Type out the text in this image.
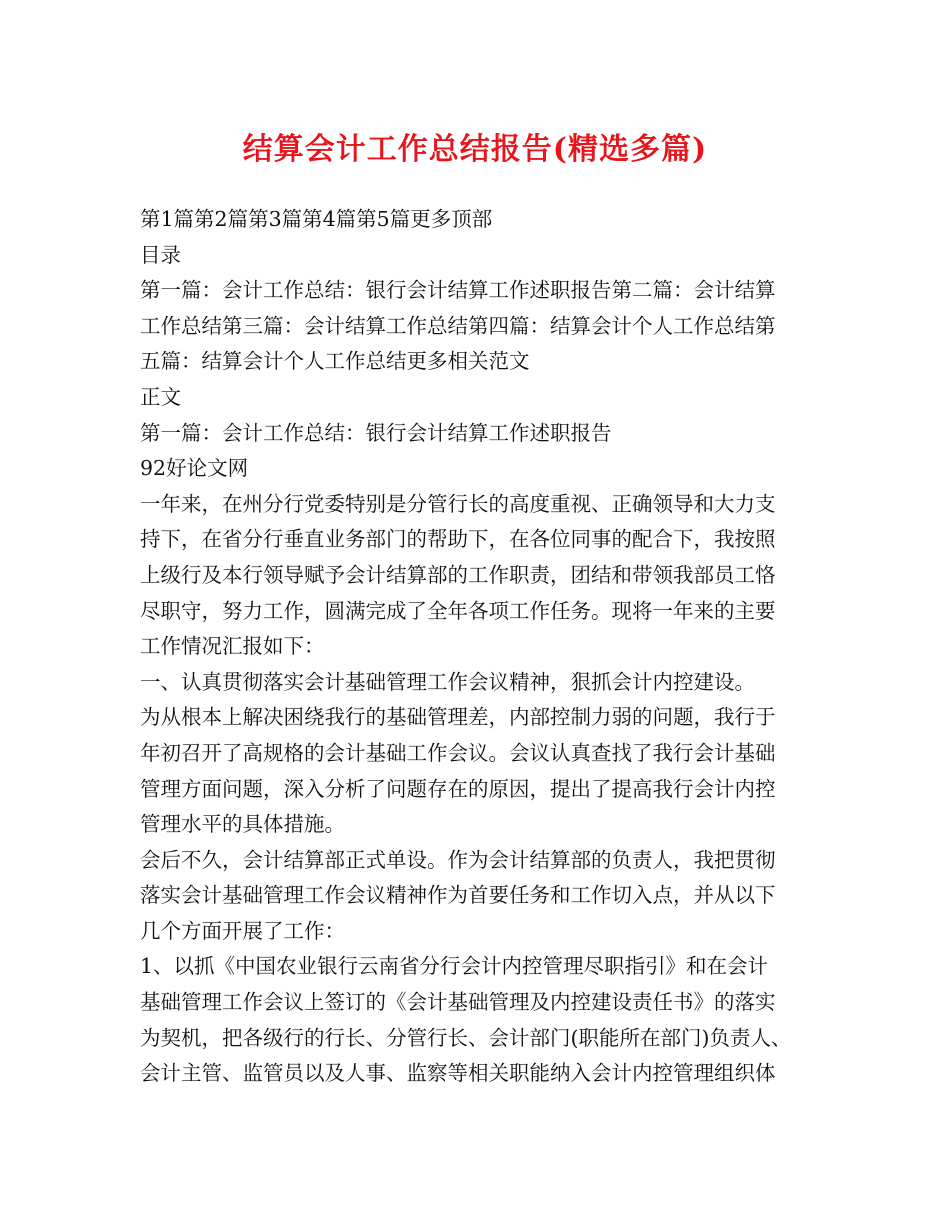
结算会计工作总结报告(精选多篇)

第1篇第2篇第3篇第4篇第5篇更多顶部

目录

第一篇：会计工作总结：银行会计结算工作述职报告第二篇：会计结算

工作总结第三篇：会计结算工作总结第四篇：结算会计个人工作总结第

五篇：结算会计个人工作总结更多相关范文

正文

第一篇：会计工作总结：银行会计结算工作述职报告

92好论文网

一年来，在州分行党委特别是分管行长的高度重视、正确领导和大力支

持下，在省分行垂直业务部门的帮助下，在各位同事的配合下，我按照

上级行及本行领导赋予会计结算部的工作职责，团结和带领我部员工恪

尽职守，努力工作，圆满完成了全年各项工作任务。现将一年来的主要

工作情况汇报如下：

一、认真贯彻落实会计基础管理工作会议精神，狠抓会计内控建设。

为从根本上解决困绕我行的基础管理差，内部控制力弱的问题，我行于

年初召开了高规格的会计基础工作会议。会议认真查找了我行会计基础

管理方面问题，深入分析了问题存在的原因，提出了提高我行会计内控

管理水平的具体措施。

会后不久，会计结算部正式单设。作为会计结算部的负责人，我把贯彻

落实会计基础管理工作会议精神作为首要任务和工作切入点，并从以下

几个方面开展了工作：

1、以抓《中国农业银行云南省分行会计内控管理尽职指引》和在会计

基础管理工作会议上签订的《会计基础管理及内控建设责任书》的落实

为契机，把各级行的行长、分管行长、会计部门(职能所在部门)负责人、

会计主管、监管员以及人事、监察等相关职能纳入会计内控管理组织体
